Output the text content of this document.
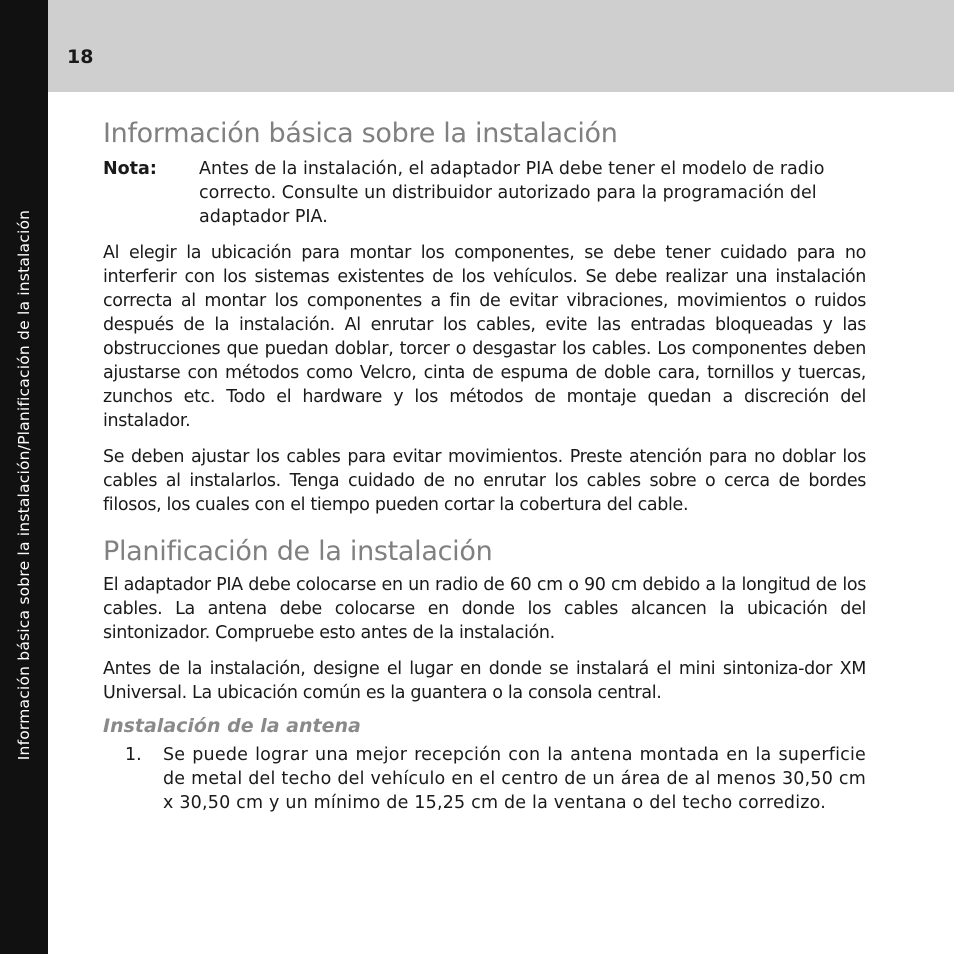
Información básica sobre la instalación/Planificación de la instalación
18
Información básica sobre la instalación
Nota:	Antes de la instalación, el adaptador PIA debe tener el modelo de radio correcto. Consulte un distribuidor autorizado para la programación del adaptador PIA.

Al elegir la ubicación para montar los componentes, se debe tener cuidado para no interferir con los sistemas existentes de los vehículos. Se debe realizar una instalación correcta al montar los componentes a fin de evitar vibraciones, movimientos o ruidos después de la instalación. Al enrutar los cables, evite las entradas bloqueadas y las obstrucciones que puedan doblar, torcer o desgastar los cables. Los componentes deben ajustarse con métodos como Velcro, cinta de espuma de doble cara, tornillos y tuercas, zunchos etc. Todo el hardware y los métodos de montaje quedan a discreción del instalador.

Se deben ajustar los cables para evitar movimientos. Preste atención para no doblar los cables al instalarlos. Tenga cuidado de no enrutar los cables sobre o cerca de bordes filosos, los cuales con el tiempo pueden cortar la cobertura del cable.

Planificación de la instalación

El adaptador PIA debe colocarse en un radio de 60 cm o 90 cm debido a la longitud de los cables. La antena debe colocarse en donde los cables alcancen la ubicación del sintonizador. Compruebe esto antes de la instalación.

Antes de la instalación, designe el lugar en donde se instalará el mini sintoniza-dor XM Universal. La ubicación común es la guantera o la consola central.

Instalación de la antena
1.	Se puede lograr una mejor recepción con la antena montada en la superficie de metal del techo del vehículo en el centro de un área de al menos 30,50 cm x 30,50 cm y un mínimo de 15,25 cm de la ventana o del techo corredizo.
